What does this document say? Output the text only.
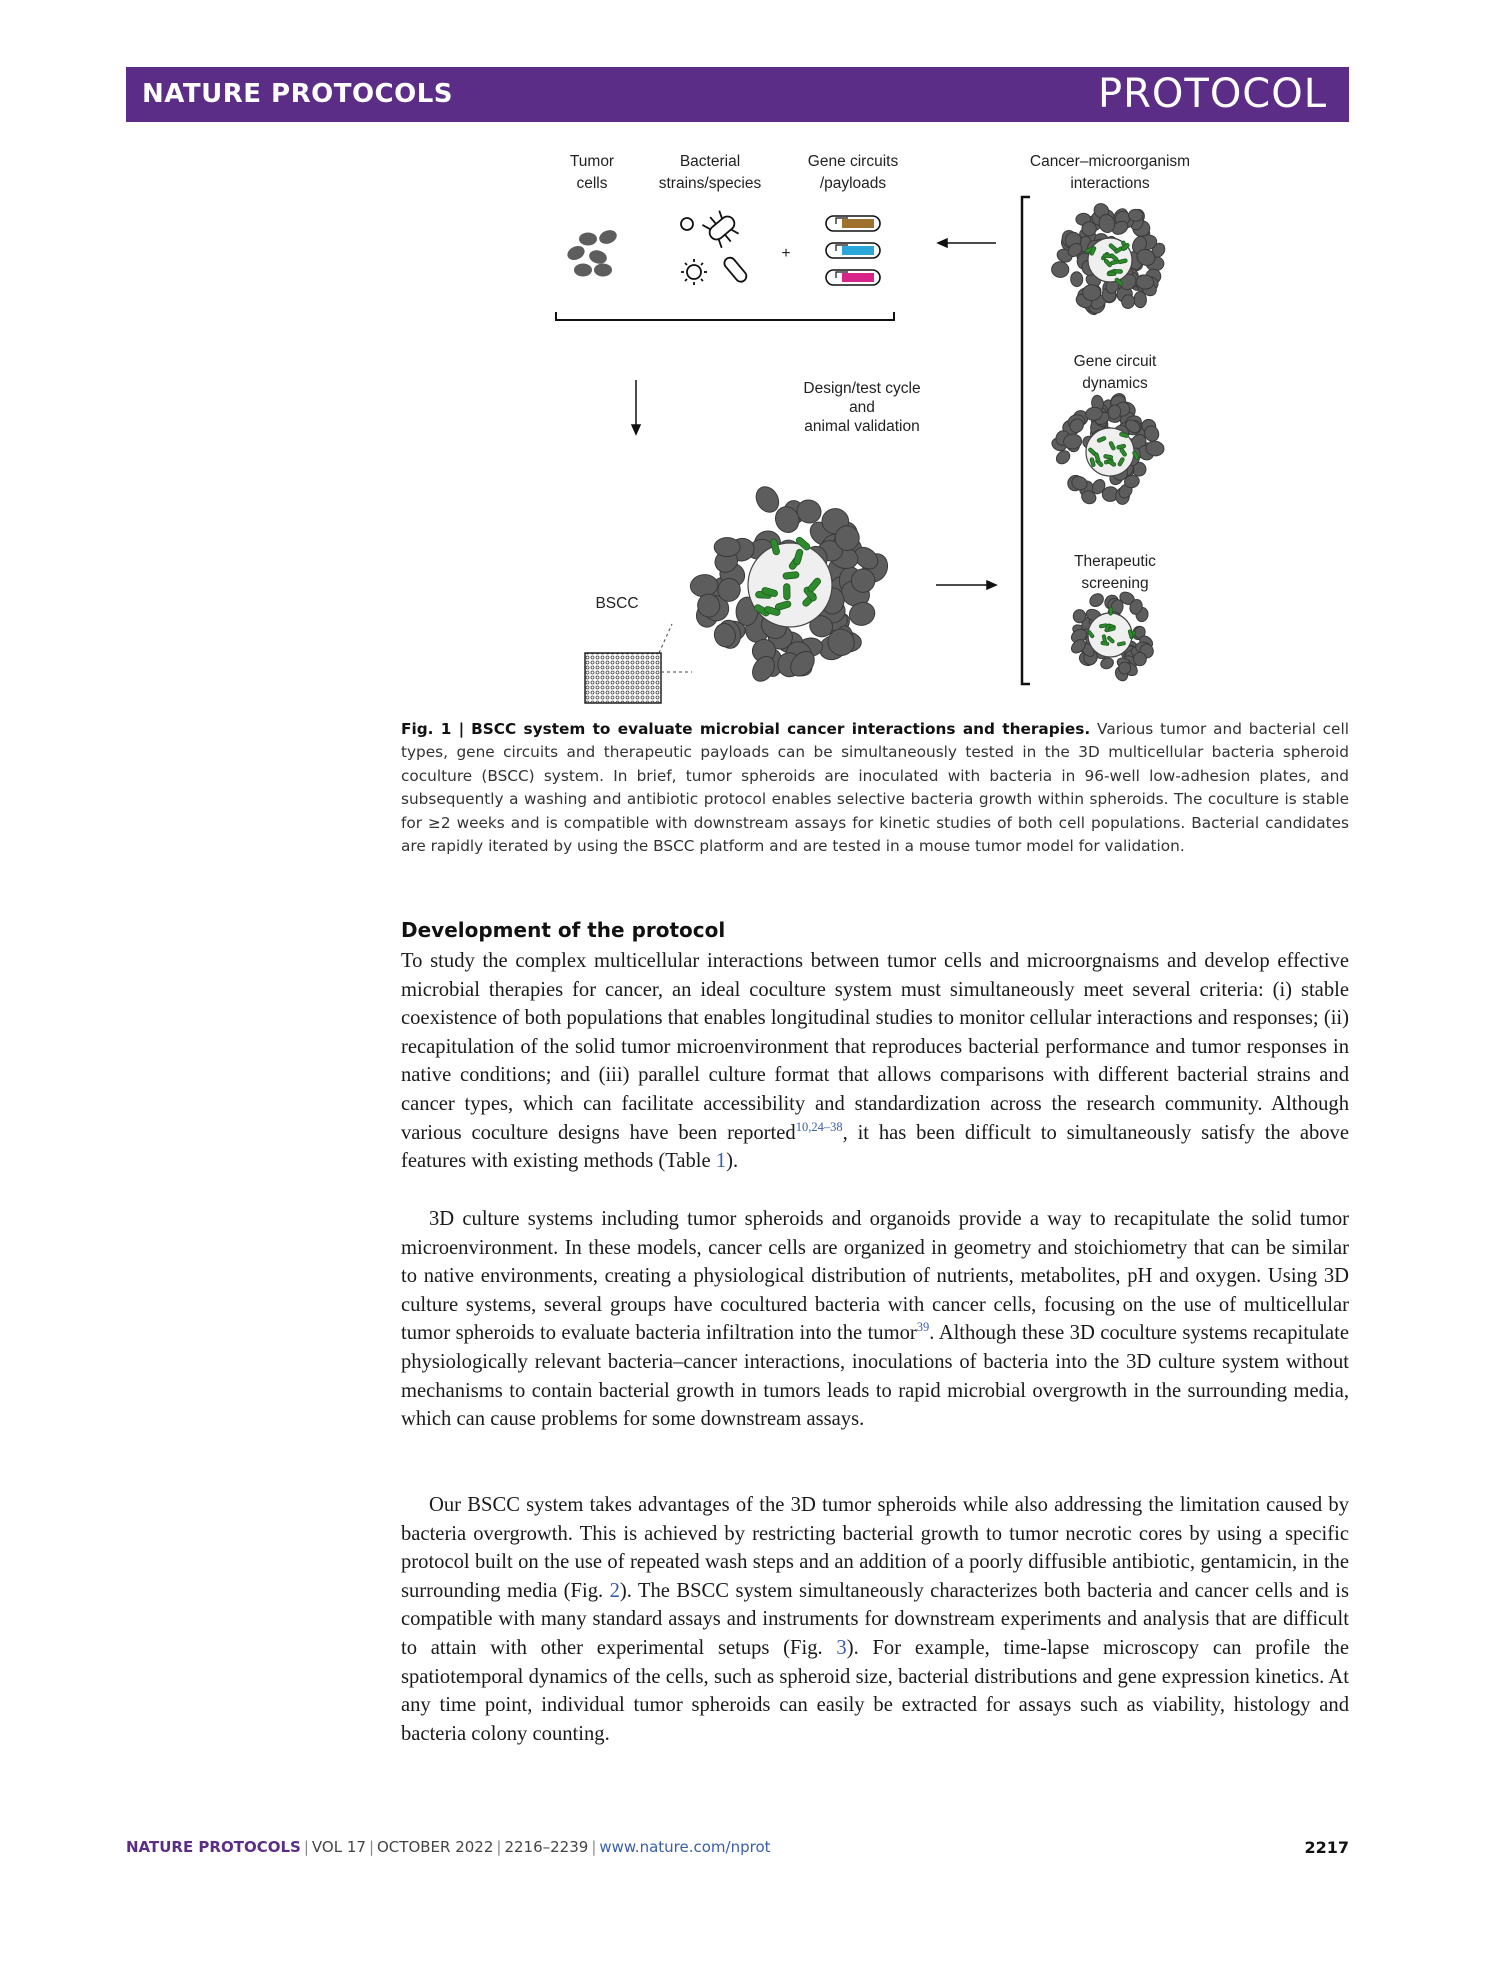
NATURE PROTOCOLS	PROTOCOL
Tumor
cells
Bacterial
strains/species
Gene circuits
/payloads
Cancer–microorganism
interactions
+
Design/test cycle
and
animal validation
Gene circuit
dynamics
Therapeutic
screening
BSCC
Fig. 1 | BSCC system to evaluate microbial cancer interactions and therapies. Various tumor and bacterial cell types, gene circuits and therapeutic payloads can be simultaneously tested in the 3D multicellular bacteria spheroid coculture (BSCC) system. In brief, tumor spheroids are inoculated with bacteria in 96-well low-adhesion plates, and subsequently a washing and antibiotic protocol enables selective bacteria growth within spheroids. The coculture is stable for ≥2 weeks and is compatible with downstream assays for kinetic studies of both cell populations. Bacterial candidates are rapidly iterated by using the BSCC platform and are tested in a mouse tumor model for validation.
Development of the protocol
To study the complex multicellular interactions between tumor cells and microorgnaisms and develop effective microbial therapies for cancer, an ideal coculture system must simultaneously meet several criteria: (i) stable coexistence of both populations that enables longitudinal studies to monitor cellular interactions and responses; (ii) recapitulation of the solid tumor microenvironment that reproduces bacterial performance and tumor responses in native conditions; and (iii) parallel culture format that allows comparisons with different bacterial strains and cancer types, which can facilitate accessibility and standardization across the research community. Although various coculture designs have been reported$^{10,24-38}$, it has been difficult to simultaneously satisfy the above features with existing methods (Table 1).
3D culture systems including tumor spheroids and organoids provide a way to recapitulate the solid tumor microenvironment. In these models, cancer cells are organized in geometry and stoichiometry that can be similar to native environments, creating a physiological distribution of nutrients, metabolites, pH and oxygen. Using 3D culture systems, several groups have cocultured bacteria with cancer cells, focusing on the use of multicellular tumor spheroids to evaluate bacteria infiltration into the tumor$^{39}$. Although these 3D coculture systems recapitulate physiologically relevant bacteria–cancer interactions, inoculations of bacteria into the 3D culture system without mechanisms to contain bacterial growth in tumors leads to rapid microbial overgrowth in the surrounding media, which can cause problems for some downstream assays.
Our BSCC system takes advantages of the 3D tumor spheroids while also addressing the limitation caused by bacteria overgrowth. This is achieved by restricting bacterial growth to tumor necrotic cores by using a specific protocol built on the use of repeated wash steps and an addition of a poorly diffusible antibiotic, gentamicin, in the surrounding media (Fig. 2). The BSCC system simultaneously characterizes both bacteria and cancer cells and is compatible with many standard assays and instruments for downstream experiments and analysis that are difficult to attain with other experimental setups (Fig. 3). For example, time-lapse microscopy can profile the spatiotemporal dynamics of the cells, such as spheroid size, bacterial distributions and gene expression kinetics. At any time point, individual tumor spheroids can easily be extracted for assays such as viability, histology and bacteria colony counting.
NATURE PROTOCOLS | VOL 17 | OCTOBER 2022 | 2216–2239 | www.nature.com/nprot	2217
